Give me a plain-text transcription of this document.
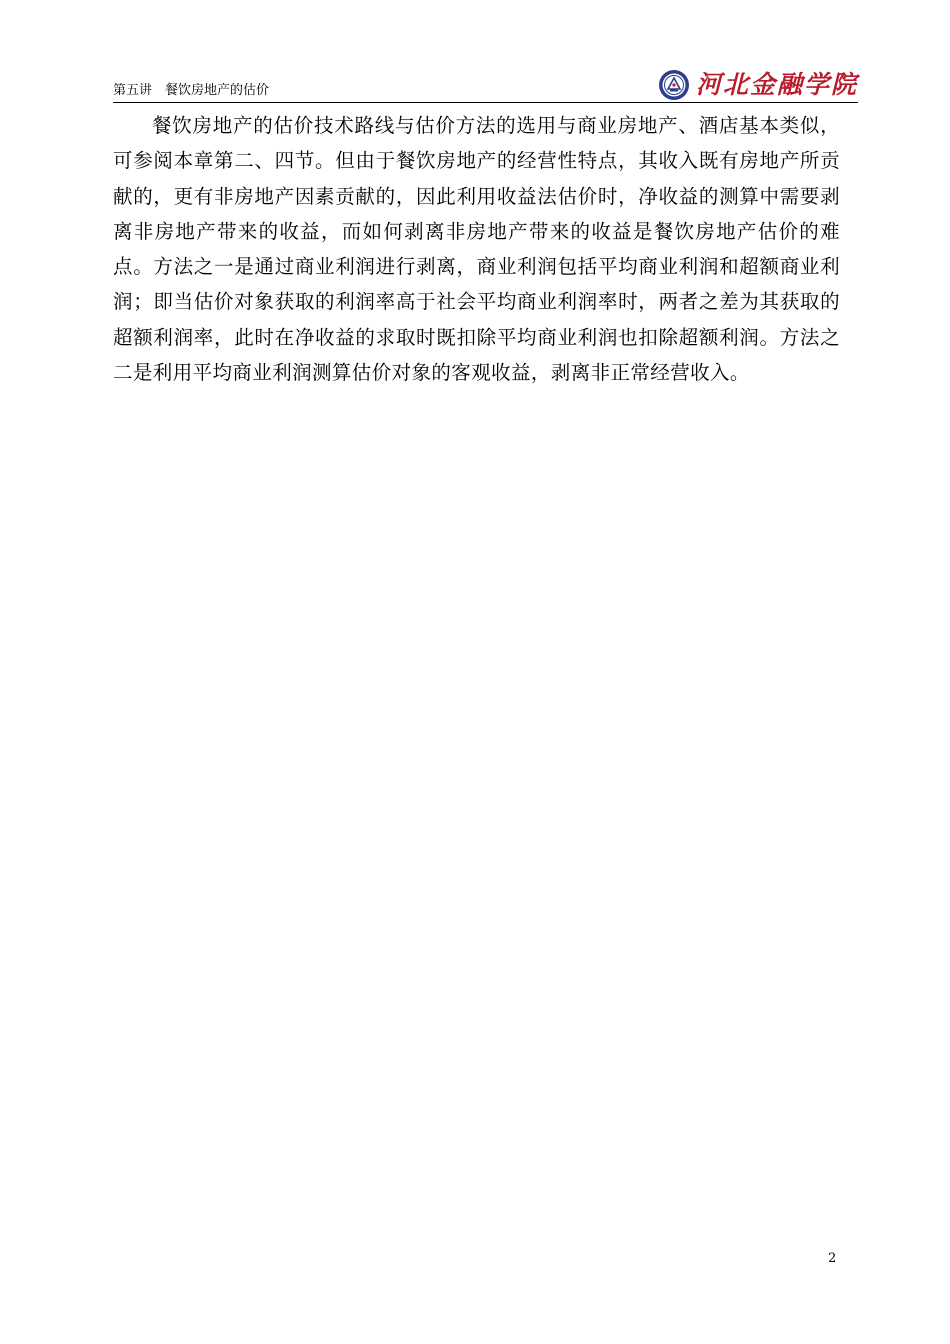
第五讲　餐饮房地产的估价	河北金融学院

餐饮房地产的估价技术路线与估价方法的选用与商业房地产、酒店基本类似，可参阅本章第二、四节。但由于餐饮房地产的经营性特点，其收入既有房地产所贡献的，更有非房地产因素贡献的，因此利用收益法估价时，净收益的测算中需要剥离非房地产带来的收益，而如何剥离非房地产带来的收益是餐饮房地产估价的难点。方法之一是通过商业利润进行剥离，商业利润包括平均商业利润和超额商业利润；即当估价对象获取的利润率高于社会平均商业利润率时，两者之差为其获取的超额利润率，此时在净收益的求取时既扣除平均商业利润也扣除超额利润。方法之二是利用平均商业利润测算估价对象的客观收益，剥离非正常经营收入。

2
